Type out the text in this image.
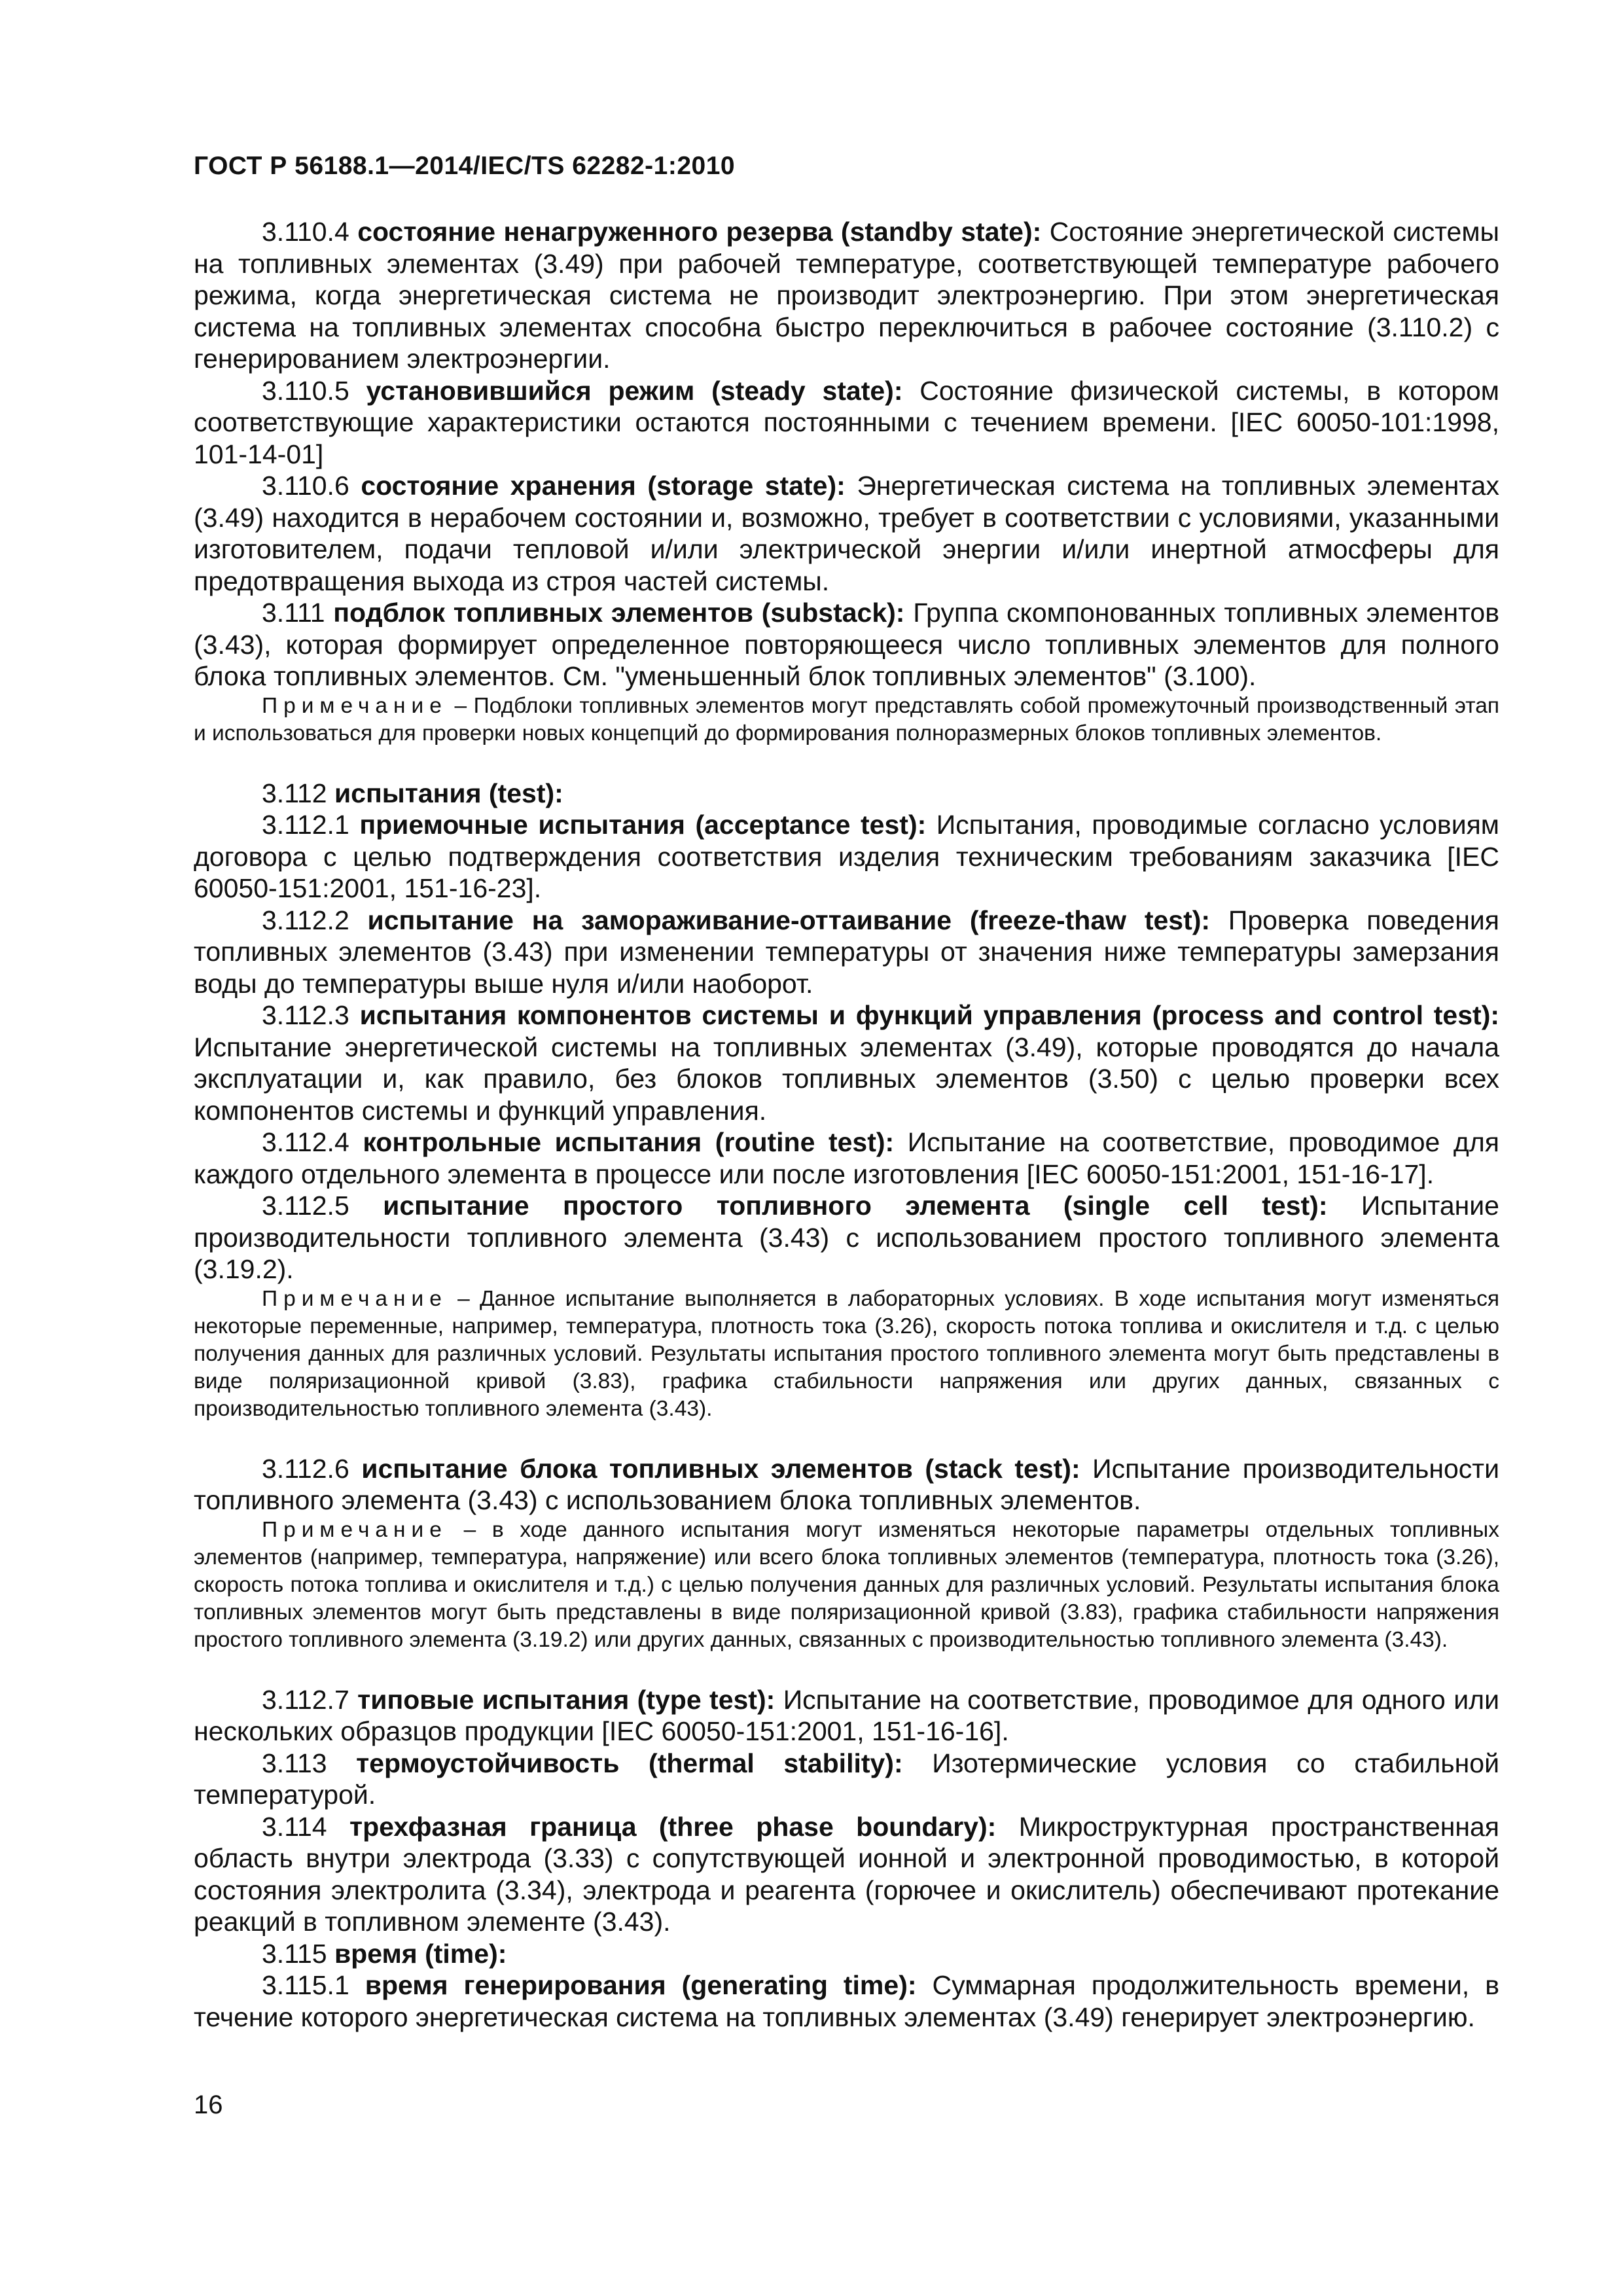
ГОСТ Р 56188.1—2014/IEC/TS 62282-1:2010

3.110.4 состояние ненагруженного резерва (standby state): Состояние энергетической системы на топливных элементах (3.49) при рабочей температуре, соответствующей температуре рабочего режима, когда энергетическая система не производит электроэнергию. При этом энергетическая система на топливных элементах способна быстро переключиться в рабочее состояние (3.110.2) с генерированием электроэнергии.

3.110.5 установившийся режим (steady state): Состояние физической системы, в котором соответствующие характеристики остаются постоянными с течением времени. [IEC 60050-101:1998, 101-14-01]

3.110.6 состояние хранения (storage state): Энергетическая система на топливных элементах (3.49) находится в нерабочем состоянии и, возможно, требует в соответствии с условиями, указанными изготовителем, подачи тепловой и/или электрической энергии и/или инертной атмосферы для предотвращения выхода из строя частей системы.

3.111 подблок топливных элементов (substack): Группа скомпонованных топливных элементов (3.43), которая формирует определенное повторяющееся число топливных элементов для полного блока топливных элементов. См. "уменьшенный блок топливных элементов" (3.100).

Примечание – Подблоки топливных элементов могут представлять собой промежуточный производственный этап и использоваться для проверки новых концепций до формирования полноразмерных блоков топливных элементов.

3.112 испытания (test):

3.112.1 приемочные испытания (acceptance test): Испытания, проводимые согласно условиям договора с целью подтверждения соответствия изделия техническим требованиям заказчика [IEC 60050-151:2001, 151-16-23].

3.112.2 испытание на замораживание-оттаивание (freeze-thaw test): Проверка поведения топливных элементов (3.43) при изменении температуры от значения ниже температуры замерзания воды до температуры выше нуля и/или наоборот.

3.112.3 испытания компонентов системы и функций управления (process and control test): Испытание энергетической системы на топливных элементах (3.49), которые проводятся до начала эксплуатации и, как правило, без блоков топливных элементов (3.50) с целью проверки всех компонентов системы и функций управления.

3.112.4 контрольные испытания (routine test): Испытание на соответствие, проводимое для каждого отдельного элемента в процессе или после изготовления [IEC 60050-151:2001, 151-16-17].

3.112.5 испытание простого топливного элемента (single cell test): Испытание производительности топливного элемента (3.43) с использованием простого топливного элемента (3.19.2).

Примечание – Данное испытание выполняется в лабораторных условиях. В ходе испытания могут изменяться некоторые переменные, например, температура, плотность тока (3.26), скорость потока топлива и окислителя и т.д. с целью получения данных для различных условий. Результаты испытания простого топливного элемента могут быть представлены в виде поляризационной кривой (3.83), графика стабильности напряжения или других данных, связанных с производительностью топливного элемента (3.43).

3.112.6 испытание блока топливных элементов (stack test): Испытание производительности топливного элемента (3.43) с использованием блока топливных элементов.

Примечание – в ходе данного испытания могут изменяться некоторые параметры отдельных топливных элементов (например, температура, напряжение) или всего блока топливных элементов (температура, плотность тока (3.26), скорость потока топлива и окислителя и т.д.) с целью получения данных для различных условий. Результаты испытания блока топливных элементов могут быть представлены в виде поляризационной кривой (3.83), графика стабильности напряжения простого топливного элемента (3.19.2) или других данных, связанных с производительностью топливного элемента (3.43).

3.112.7 типовые испытания (type test): Испытание на соответствие, проводимое для одного или нескольких образцов продукции [IEC 60050-151:2001, 151-16-16].

3.113 термоустойчивость (thermal stability): Изотермические условия со стабильной температурой.

3.114 трехфазная граница (three phase boundary): Микроструктурная пространственная область внутри электрода (3.33) с сопутствующей ионной и электронной проводимостью, в которой состояния электролита (3.34), электрода и реагента (горючее и окислитель) обеспечивают протекание реакций в топливном элементе (3.43).

3.115 время (time):

3.115.1 время генерирования (generating time): Суммарная продолжительность времени, в течение которого энергетическая система на топливных элементах (3.49) генерирует электроэнергию.

16
